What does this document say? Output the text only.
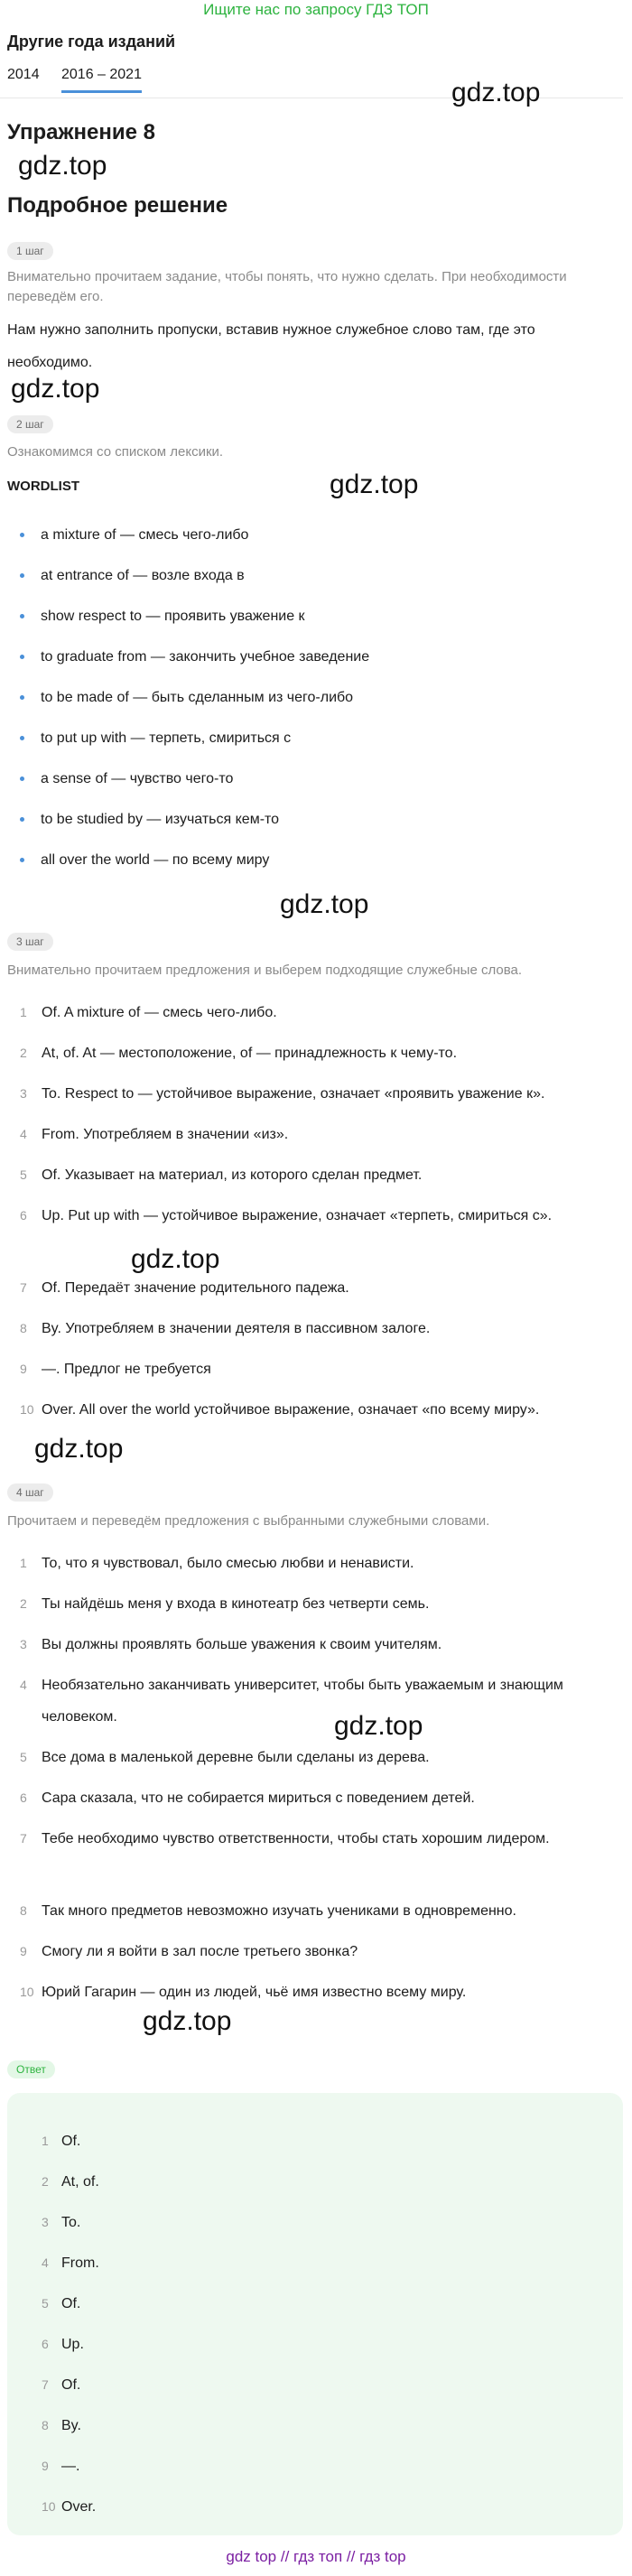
Ищите нас по запросу ГДЗ ТОП
Другие года изданий
2014 2016 – 2021
gdz.top
gdz.top
gdz.top
gdz.top
gdz.top
gdz.top
gdz.top
gdz.top
gdz.top
Упражнение 8
Подробное решение
1 шаг
Внимательно прочитаем задание, чтобы понять, что нужно сделать. При необходимости переведём его.
Нам нужно заполнить пропуски, вставив нужное служебное слово там, где это
необходимо.
2 шаг
Ознакомимся со списком лексики.
WORDLIST
a mixture of — смесь чего-либо
at entrance of — возле входа в
show respect to — проявить уважение к
to graduate from — закончить учебное заведение
to be made of — быть сделанным из чего-либо
to put up with — терпеть, смириться с
a sense of — чувство чего-то
to be studied by — изучаться кем-то
all over the world — по всему миру
3 шаг
Внимательно прочитаем предложения и выберем подходящие служебные слова.
1	Of. A mixture of — смесь чего-либо.
2	At, of. At — местоположение, of — принадлежность к чему-то.
3	To. Respect to — устойчивое выражение, означает «проявить уважение к».
4	From. Употребляем в значении «из».
5	Of. Указывает на материал, из которого сделан предмет.
6	Up. Put up with — устойчивое выражение, означает «терпеть, смириться с».
7	Of. Передаёт значение родительного падежа.
8	By. Употребляем в значении деятеля в пассивном залоге.
9	—. Предлог не требуется
10 Over. All over the world устойчивое выражение, означает «по всему миру».
4 шаг
Прочитаем и переведём предложения с выбранными служебными словами.
1	То, что я чувствовал, было смесью любви и ненависти.
2	Ты найдёшь меня у входа в кинотеатр без четверти семь.
3	Вы должны проявлять больше уважения к своим учителям.
4	Необязательно заканчивать университет, чтобы быть уважаемым и знающим человеком.
5	Все дома в маленькой деревне были сделаны из дерева.
6	Сара сказала, что не собирается мириться с поведением детей.
7	Тебе необходимо чувство ответственности, чтобы стать хорошим лидером.
8	Так много предметов невозможно изучать учениками в одновременно.
9	Смогу ли я войти в зал после третьего звонка?
10 Юрий Гагарин — один из людей, чьё имя известно всему миру.
Ответ
1 Of.
2 At, of.
3 To.
4 From.
5 Of.
6 Up.
7 Of.
8 By.
9 —.
10 Over.
gdz top // гдз топ // гдз top
